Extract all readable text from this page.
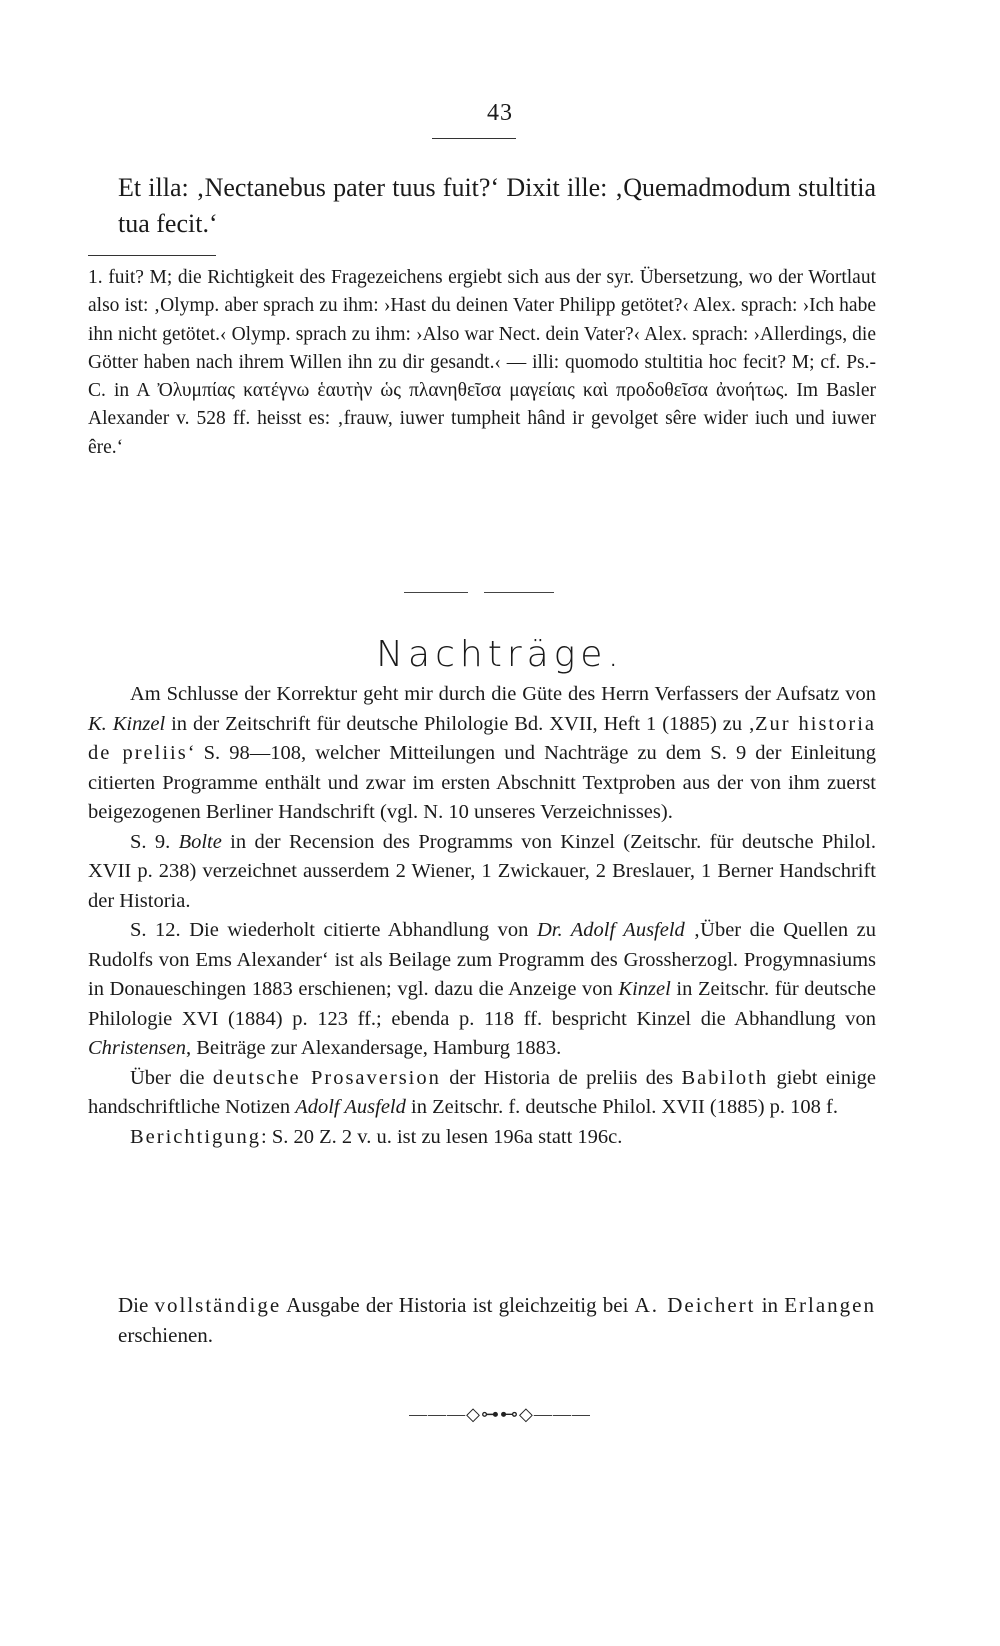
43

Et illa: ‚Nectanebus pater tuus fuit?‘ Dixit ille: ‚Quemadmodum stultitia tua fecit.‘

1. fuit? M; die Richtigkeit des Fragezeichens ergiebt sich aus der syr. Übersetzung, wo der Wortlaut also ist: ‚Olymp. aber sprach zu ihm: ›Hast du deinen Vater Philipp getötet?‹ Alex. sprach: ›Ich habe ihn nicht getötet.‹ Olymp. sprach zu ihm: ›Also war Nect. dein Vater?‹ Alex. sprach: ›Allerdings, die Götter haben nach ihrem Willen ihn zu dir gesandt.‹ — illi: quomodo stultitia hoc fecit? M; cf. Ps.-C. in A Ὀλυμπίας κατέγνω ἑαυτὴν ὡς πλανηθεῖσα μαγείαις καὶ προδοθεῖσα ἀνοήτως. Im Basler Alexander v. 528 ff. heisst es: ‚frauw, iuwer tumpheit hând ir gevolget sêre wider iuch und iuwer êre.‘

Nachträge.

Am Schlusse der Korrektur geht mir durch die Güte des Herrn Verfassers der Aufsatz von K. Kinzel in der Zeitschrift für deutsche Philologie Bd. XVII, Heft 1 (1885) zu ‚Zur historia de preliis‘ S. 98—108, welcher Mitteilungen und Nachträge zu dem S. 9 der Einleitung citierten Programme enthält und zwar im ersten Abschnitt Textproben aus der von ihm zuerst beigezogenen Berliner Handschrift (vgl. N. 10 unseres Verzeichnisses).

S. 9. Bolte in der Recension des Programms von Kinzel (Zeitschr. für deutsche Philol. XVII p. 238) verzeichnet ausserdem 2 Wiener, 1 Zwickauer, 2 Breslauer, 1 Berner Handschrift der Historia.

S. 12. Die wiederholt citierte Abhandlung von Dr. Adolf Ausfeld ‚Über die Quellen zu Rudolfs von Ems Alexander‘ ist als Beilage zum Programm des Grossherzogl. Progymnasiums in Donaueschingen 1883 erschienen; vgl. dazu die Anzeige von Kinzel in Zeitschr. für deutsche Philologie XVI (1884) p. 123 ff.; ebenda p. 118 ff. bespricht Kinzel die Abhandlung von Christensen, Beiträge zur Alexandersage, Hamburg 1883.

Über die deutsche Prosaversion der Historia de preliis des Babiloth giebt einige handschriftliche Notizen Adolf Ausfeld in Zeitschr. f. deutsche Philol. XVII (1885) p. 108 f.

Berichtigung: S. 20 Z. 2 v. u. ist zu lesen 196a statt 196c.

Die vollständige Ausgabe der Historia ist gleichzeitig bei A. Deichert in Erlangen erschienen.

———◇⊶⊷◇———
